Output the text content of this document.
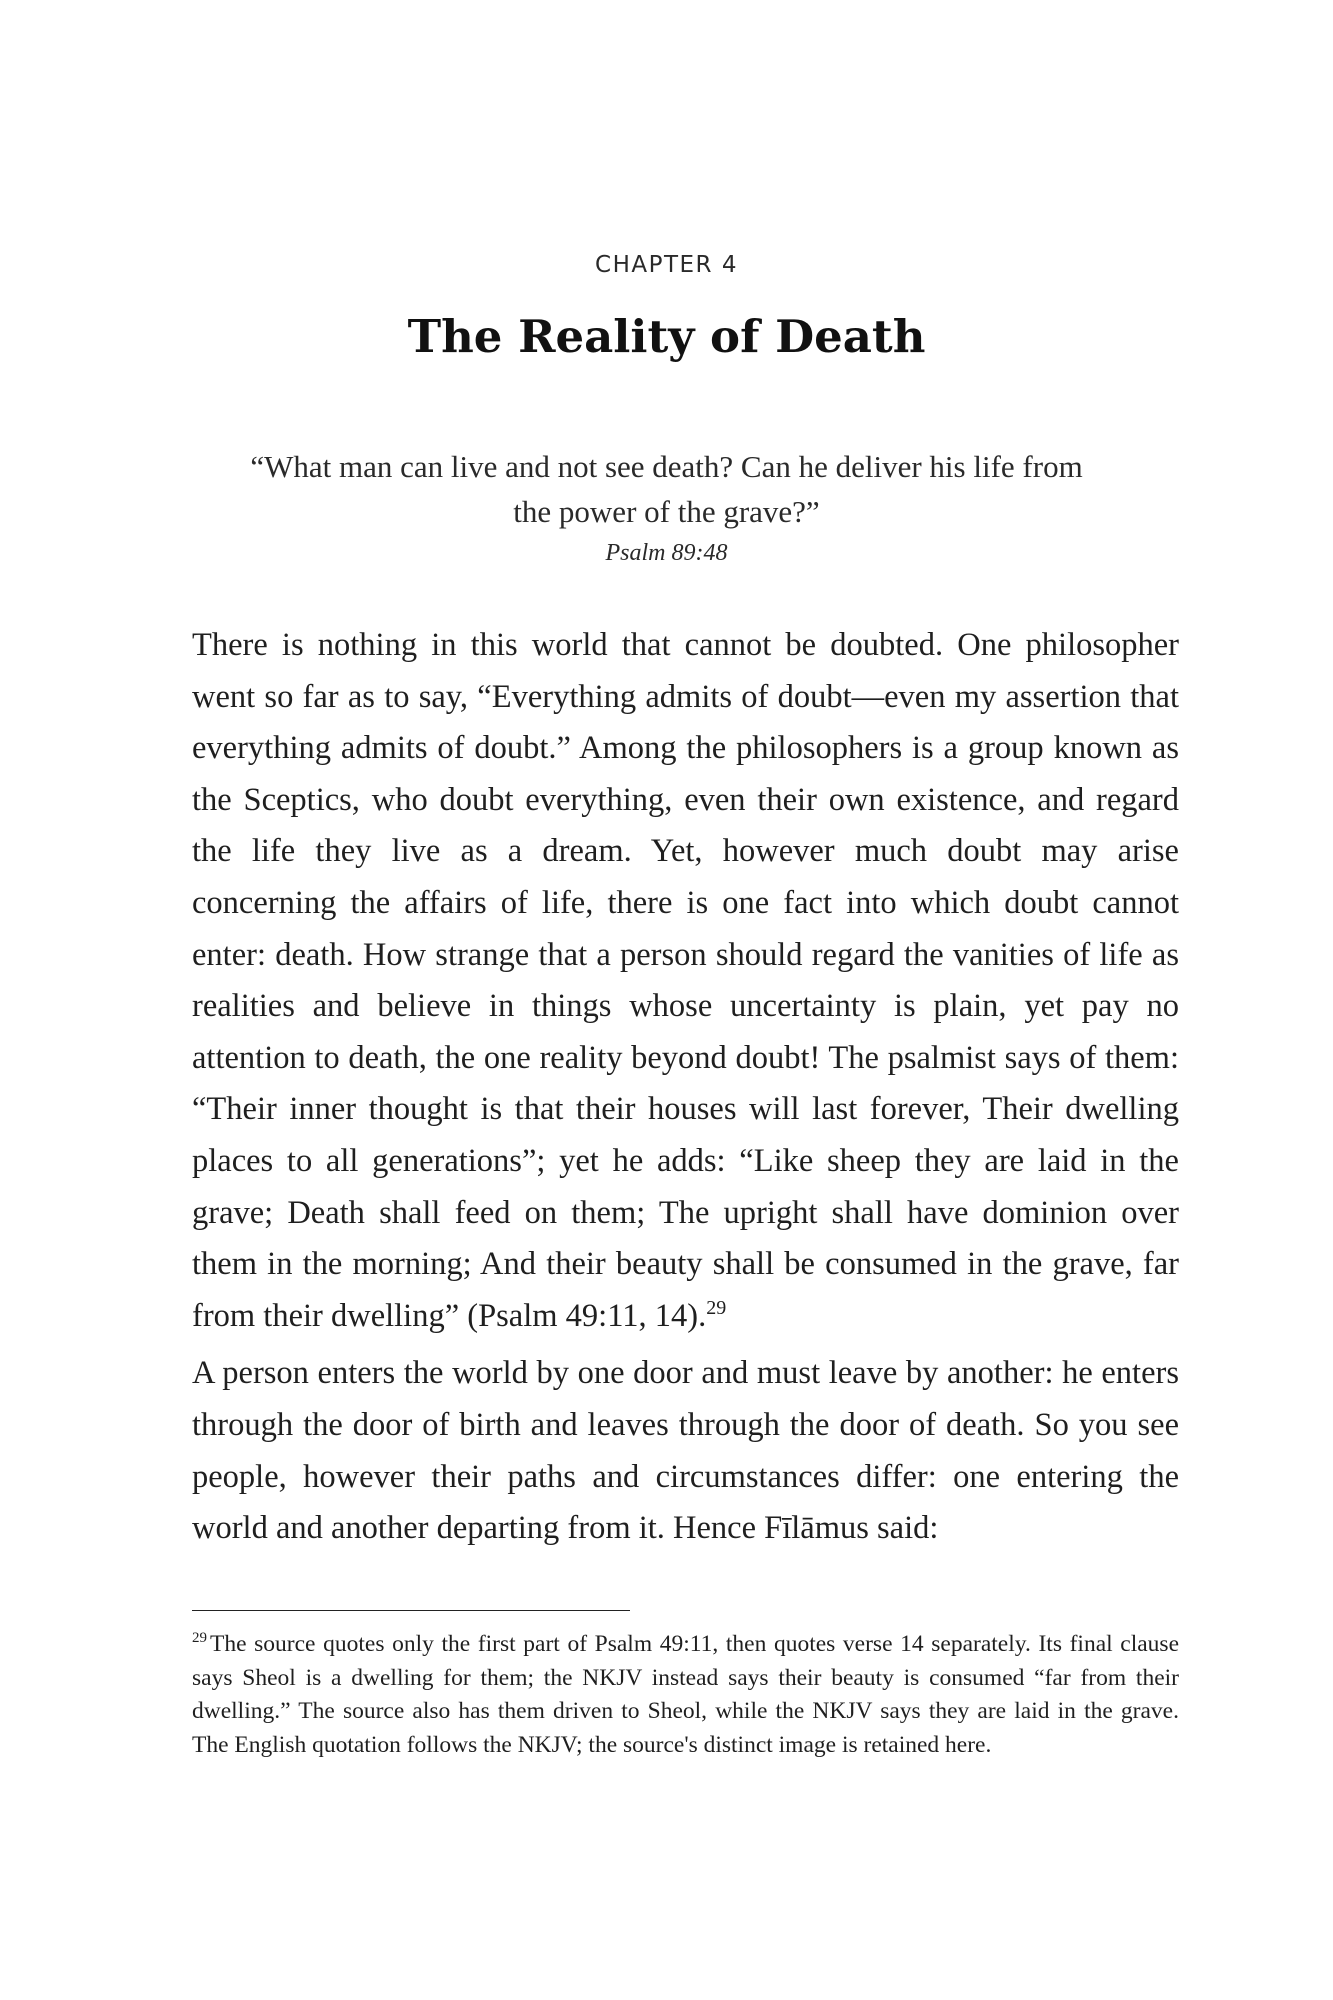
CHAPTER 4
The Reality of Death
“What man can live and not see death? Can he deliver his life from the power of the grave?”
Psalm 89:48

There is nothing in this world that cannot be doubted. One philosopher went so far as to say, “Everything admits of doubt—even my assertion that everything admits of doubt.” Among the philosophers is a group known as the Sceptics, who doubt everything, even their own existence, and regard the life they live as a dream. Yet, however much doubt may arise concerning the affairs of life, there is one fact into which doubt cannot enter: death. How strange that a person should regard the vanities of life as realities and believe in things whose uncertainty is plain, yet pay no attention to death, the one reality beyond doubt! The psalmist says of them: “Their inner thought is that their houses will last forever, Their dwelling places to all generations”; yet he adds: “Like sheep they are laid in the grave; Death shall feed on them; The upright shall have dominion over them in the morning; And their beauty shall be consumed in the grave, far from their dwelling” (Psalm 49:11, 14).$^{29}$

A person enters the world by one door and must leave by another: he enters through the door of birth and leaves through the door of death. So you see people, however their paths and circumstances differ: one entering the world and another departing from it. Hence Fīlāmus said:

$^{29}$ The source quotes only the first part of Psalm 49:11, then quotes verse 14 separately. Its final clause says Sheol is a dwelling for them; the NKJV instead says their beauty is consumed “far from their dwelling.” The source also has them driven to Sheol, while the NKJV says they are laid in the grave. The English quotation follows the NKJV; the source's distinct image is retained here.
